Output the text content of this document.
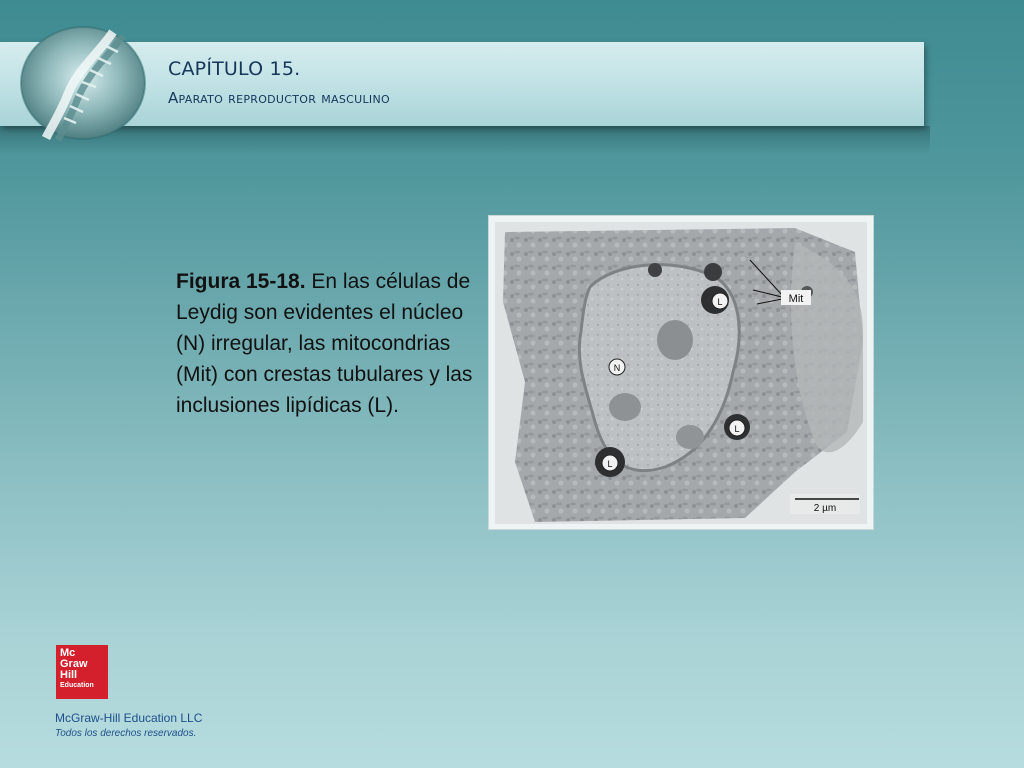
CAPÍTULO 15.
Aparato reproductor masculino
Figura 15-18. En las células de Leydig son evidentes el núcleo (N) irregular, las mitocondrias (Mit) con crestas tubulares y las inclusiones lipídicas (L).
Mit
L
N
L
L
2 µm
Mc
Graw
Hill
Education
McGraw-Hill Education LLC
Todos los derechos reservados.
